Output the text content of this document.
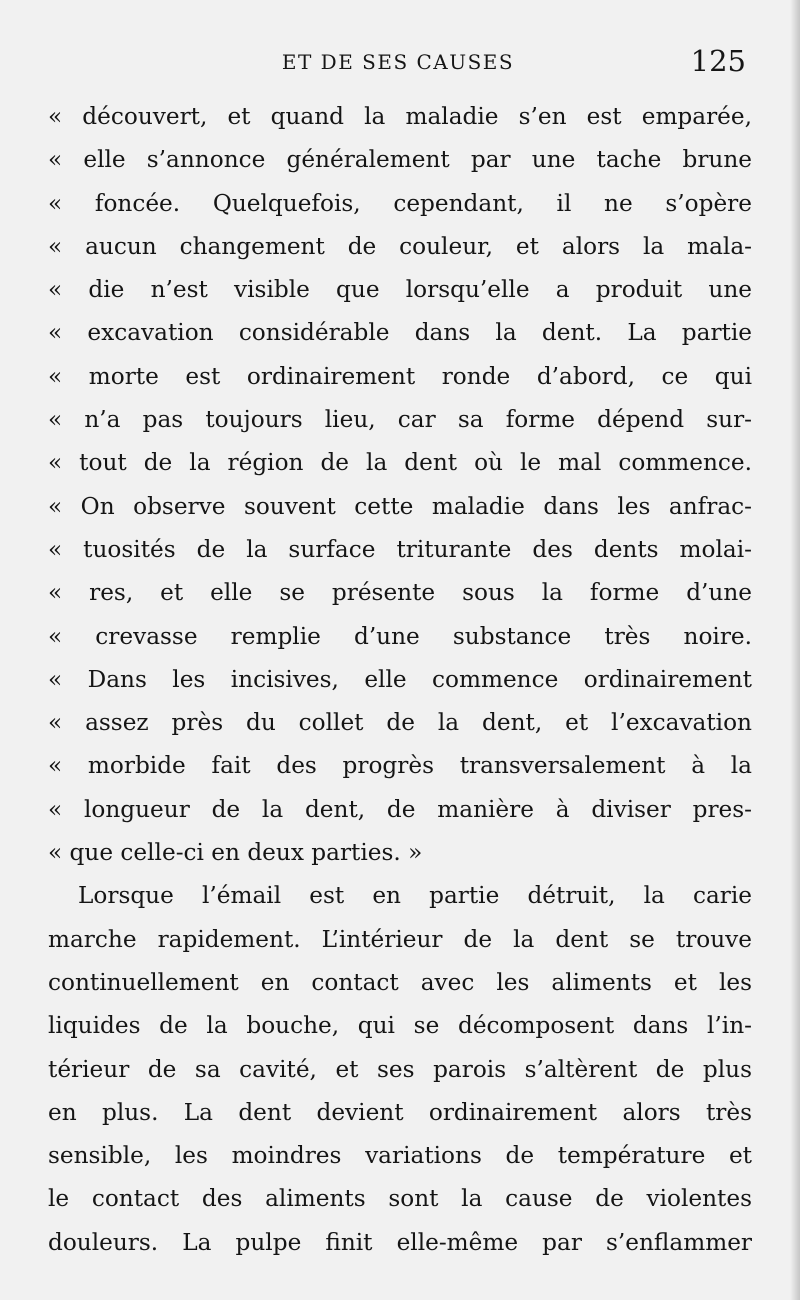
ET DE SES CAUSES	125
« découvert, et quand la maladie s’en est emparée,
« elle s’annonce généralement par une tache brune
« foncée. Quelquefois, cependant, il ne s’opère
« aucun changement de couleur, et alors la mala-
« die n’est visible que lorsqu’elle a produit une
« excavation considérable dans la dent. La partie
« morte est ordinairement ronde d’abord, ce qui
« n’a pas toujours lieu, car sa forme dépend sur-
« tout de la région de la dent où le mal commence.
« On observe souvent cette maladie dans les anfrac-
« tuosités de la surface triturante des dents molai-
« res, et elle se présente sous la forme d’une
« crevasse remplie d’une substance très noire.
« Dans les incisives, elle commence ordinairement
« assez près du collet de la dent, et l’excavation
« morbide fait des progrès transversalement à la
« longueur de la dent, de manière à diviser pres-
« que celle-ci en deux parties. »
Lorsque l’émail est en partie détruit, la carie
marche rapidement. L’intérieur de la dent se trouve
continuellement en contact avec les aliments et les
liquides de la bouche, qui se décomposent dans l’in-
térieur de sa cavité, et ses parois s’altèrent de plus
en plus. La dent devient ordinairement alors très
sensible, les moindres variations de température et
le contact des aliments sont la cause de violentes
douleurs. La pulpe finit elle-même par s’enflammer
